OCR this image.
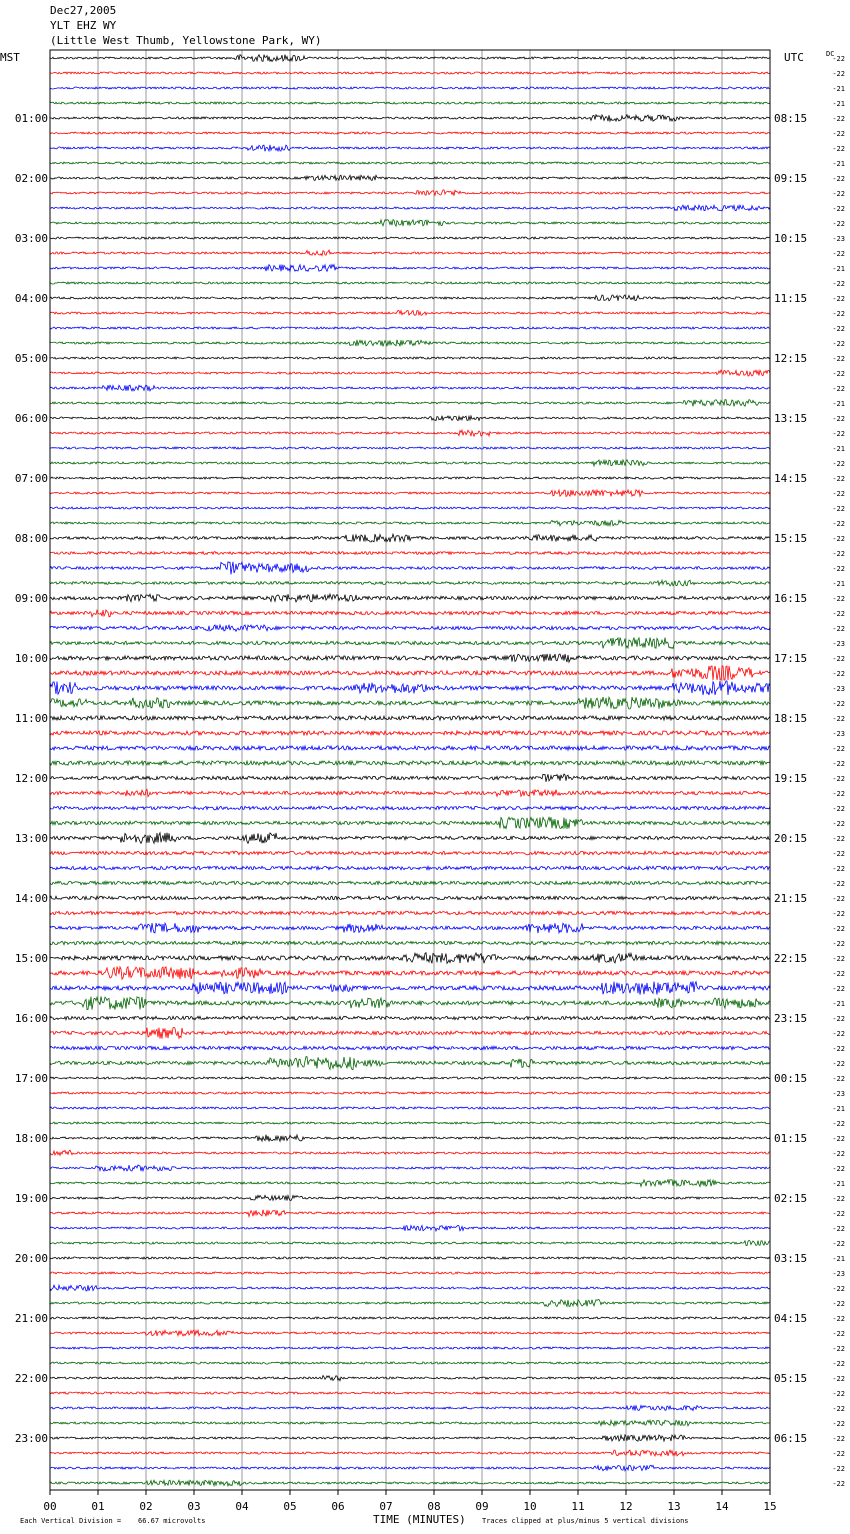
Dec27,2005
YLT EHZ WY
(Little West Thumb, Yellowstone Park, WY)
01:00
02:00
03:00
04:00
05:00
06:00
07:00
08:00
09:00
10:00
11:00
12:00
13:00
14:00
15:00
16:00
17:00
18:00
19:00
20:00
21:00
22:00
23:00
08:15
09:15
10:15
11:15
12:15
13:15
14:15
15:15
16:15
17:15
18:15
19:15
20:15
21:15
22:15
23:15
00:15
01:15
02:15
03:15
04:15
05:15
06:15
-22
-22
-21
-21
-22
-22
-22
-21
-22
-22
-22
-22
-23
-22
-21
-22
-22
-22
-22
-22
-22
-22
-22
-21
-22
-22
-21
-22
-22
-22
-22
-22
-22
-22
-22
-21
-22
-22
-22
-23
-22
-22
-23
-22
-22
-23
-22
-22
-22
-22
-22
-22
-22
-22
-22
-22
-22
-22
-22
-22
-22
-22
-22
-21
-22
-22
-22
-22
-22
-23
-21
-22
-22
-22
-22
-21
-22
-22
-22
-22
-21
-23
-22
-22
-22
-22
-22
-22
-22
-22
-22
-22
-22
-22
-22
-22
00	01	02	03	04	05	06	07	08	09	10	11	12	13	14	15
MST	UTC	DC
Each Vertical Division =    66.67 microvolts	TIME (MINUTES) Traces clipped at plus/minus 5 vertical divisions
